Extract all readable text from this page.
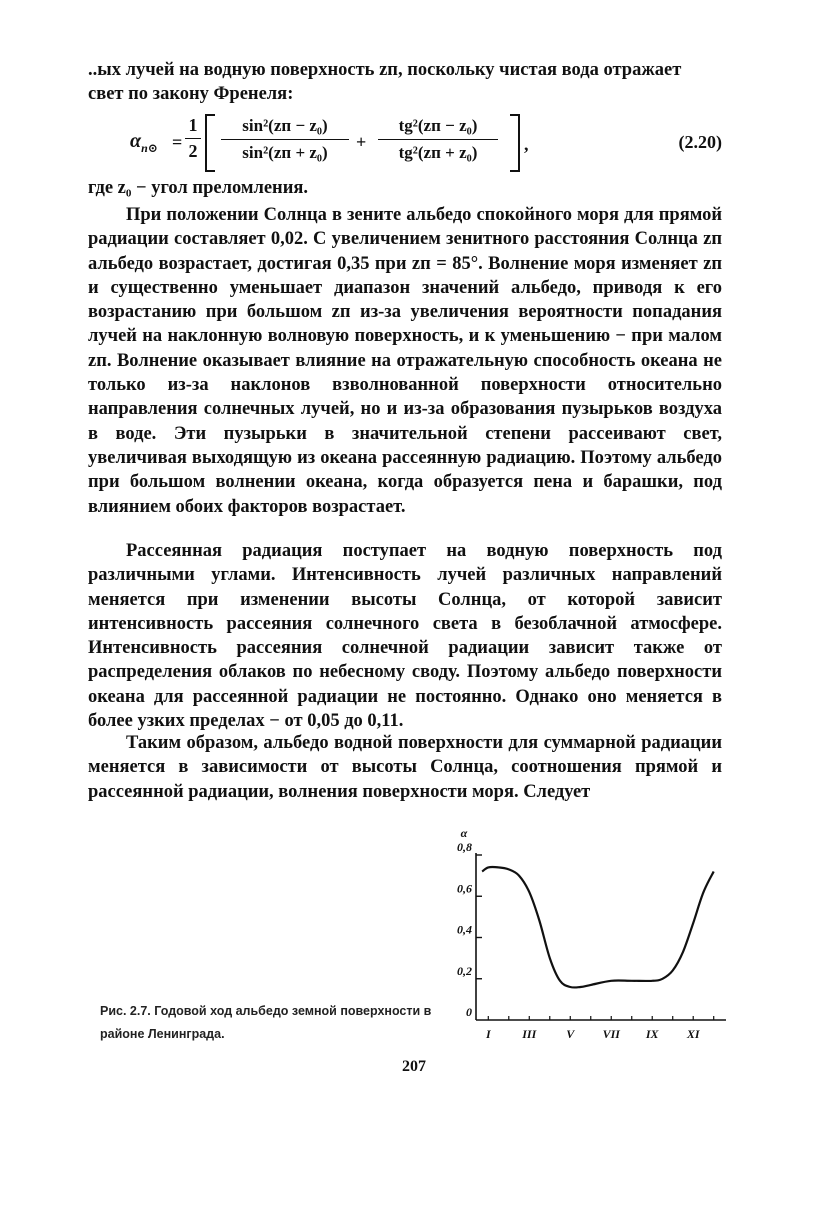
..ых лучей на водную поверхность zп, поскольку чистая вода отражает

свет по закону Френеля:

$\alpha_{n⊙}$ =
1
2
sin²(zп − z₀)
sin²(zп + z₀)
+
tg²(zп − z₀)
tg²(zп + z₀)	,	(2.20)
где z₀ − угол преломления.

При положении Солнца в зените альбедо спокойного моря для прямой радиации составляет 0,02. С увеличением зенитного расстояния Солнца zп альбедо возрастает, достигая 0,35 при zп = 85°. Волнение моря изменяет zп и существенно уменьшает диапазон значений альбедо, приводя к его возрастанию при большом zп из-за увеличения вероятности попадания лучей на наклонную волновую поверхность, и к уменьшению − при малом zп. Волнение оказывает влияние на отражательную способность океана не только из-за наклонов взволнованной поверхности относительно направления солнечных лучей, но и из-за образования пузырьков воздуха в воде. Эти пузырьки в значительной степени рассеивают свет, увеличивая выходящую из океана рассеянную радиацию. Поэтому альбедо при большом волнении океана, когда образуется пена и барашки, под влиянием обоих факторов возрастает.

Рассеянная радиация поступает на водную поверхность под различными углами. Интенсивность лучей различных направлений меняется при изменении высоты Солнца, от которой зависит интенсивность рассеяния солнечного света в безоблачной атмосфере. Интенсивность рассеяния солнечной радиации зависит также от распределения облаков по небесному своду. Поэтому альбедо поверхности океана для рассеянной радиации не постоянно. Однако оно меняется в более узких пределах − от 0,05 до 0,11.

Таким образом, альбедо водной поверхности для суммарной радиации меняется в зависимости от высоты Солнца, соотношения прямой и рассеянной радиации, волнения поверхности моря. Следует

Рис. 2.7. Годовой ход альбедо земной поверхности в районе Ленинграда.
0
0,2
0,4
0,6
0,8
α
I	III V VII IX XI
207
